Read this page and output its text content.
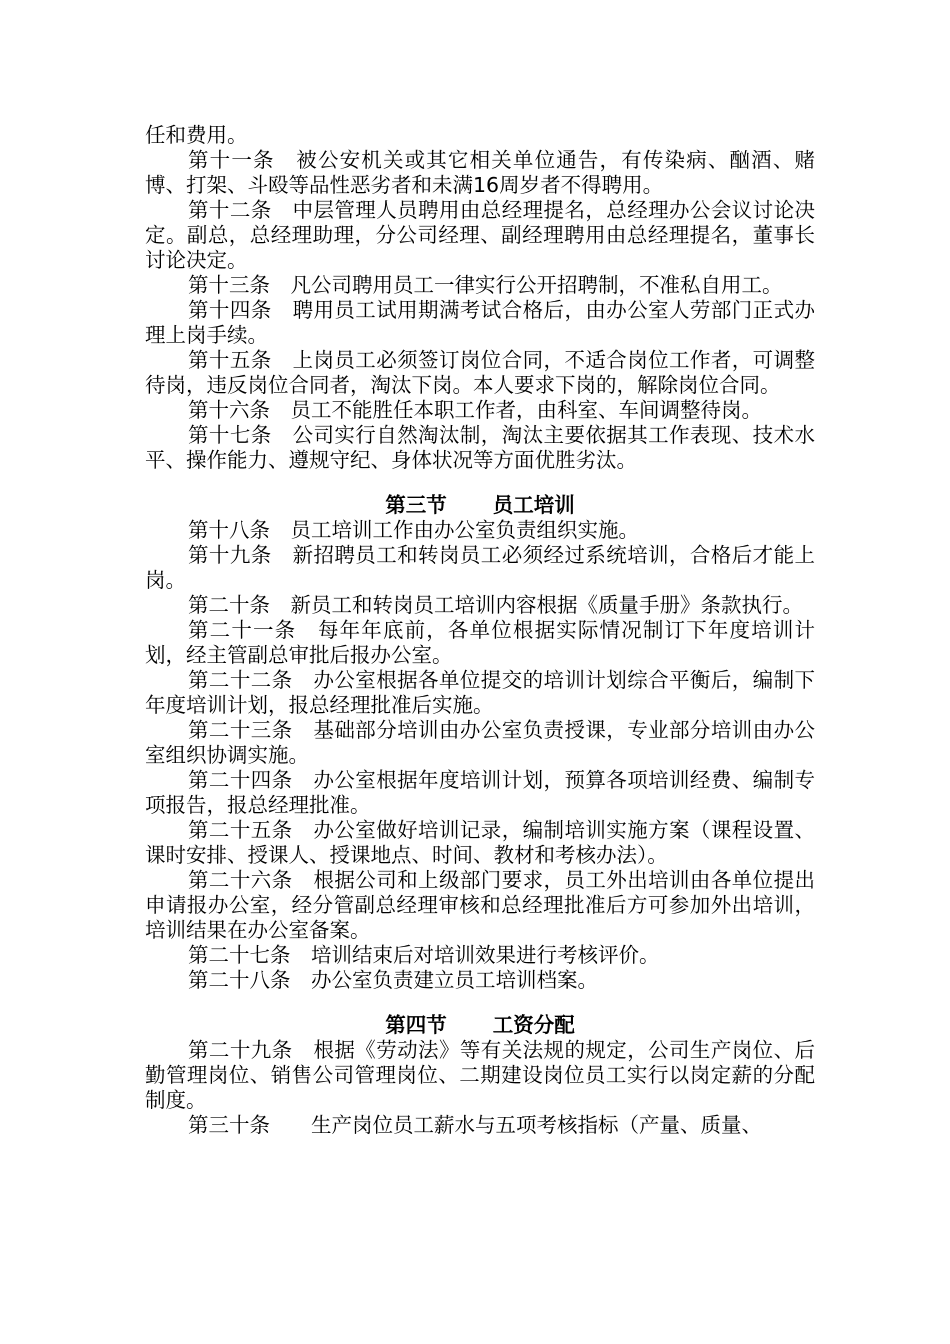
任和费用。

第十一条　被公安机关或其它相关单位通告，有传染病、酗酒、赌博、打架、斗殴等品性恶劣者和未满16周岁者不得聘用。

第十二条　中层管理人员聘用由总经理提名，总经理办公会议讨论决定。副总，总经理助理，分公司经理、副经理聘用由总经理提名，董事长讨论决定。

第十三条　凡公司聘用员工一律实行公开招聘制，不准私自用工。

第十四条　聘用员工试用期满考试合格后，由办公室人劳部门正式办理上岗手续。

第十五条　上岗员工必须签订岗位合同，不适合岗位工作者，可调整待岗，违反岗位合同者，淘汰下岗。本人要求下岗的，解除岗位合同。

第十六条　员工不能胜任本职工作者，由科室、车间调整待岗。

第十七条　公司实行自然淘汰制，淘汰主要依据其工作表现、技术水平、操作能力、遵规守纪、身体状况等方面优胜劣汰。

第三节 员工培训

第十八条　员工培训工作由办公室负责组织实施。

第十九条　新招聘员工和转岗员工必须经过系统培训，合格后才能上岗。

第二十条　新员工和转岗员工培训内容根据《质量手册》条款执行。

第二十一条　每年年底前，各单位根据实际情况制订下年度培训计划，经主管副总审批后报办公室。

第二十二条　办公室根据各单位提交的培训计划综合平衡后，编制下年度培训计划，报总经理批准后实施。

第二十三条　基础部分培训由办公室负责授课，专业部分培训由办公室组织协调实施。

第二十四条　办公室根据年度培训计划，预算各项培训经费、编制专项报告，报总经理批准。

第二十五条　办公室做好培训记录，编制培训实施方案（课程设置、课时安排、授课人、授课地点、时间、教材和考核办法）。

第二十六条　根据公司和上级部门要求，员工外出培训由各单位提出申请报办公室，经分管副总经理审核和总经理批准后方可参加外出培训，培训结果在办公室备案。

第二十七条　培训结束后对培训效果进行考核评价。

第二十八条　办公室负责建立员工培训档案。

第四节 工资分配

第二十九条　根据《劳动法》等有关法规的规定，公司生产岗位、后勤管理岗位、销售公司管理岗位、二期建设岗位员工实行以岗定薪的分配制度。

第三十条　　生产岗位员工薪水与五项考核指标（产量、质量、
